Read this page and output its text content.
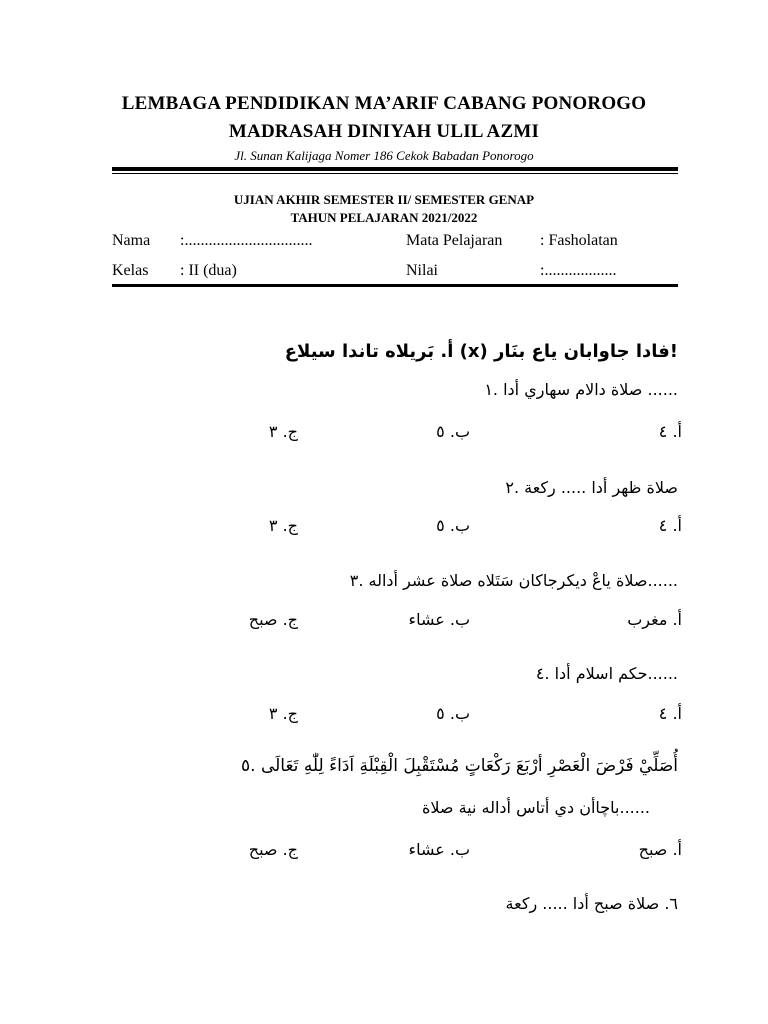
LEMBAGA PENDIDIKAN MA’ARIF CABANG PONOROGO
MADRASAH DINIYAH ULIL AZMI
Jl. Sunan Kalijaga Nomer 186 Cekok Babadan Ponorogo
UJIAN AKHIR SEMESTER II/ SEMESTER GENAP
TAHUN PELAJARAN 2021/2022
Nama :................................	Mata Pelajaran : Fasholatan
Kelas : II (dua)	Nilai	:..................
!فادا جاوابان ياع بنَار (x) أ. بَريلاه تاندا سيلاع
...... صلاة دالام سهاري أدا .١
أ. ٤
ب. ٥
ج. ٣
صلاة ظهر أدا ..... ركعة .٢
أ. ٤
ب. ٥
ج. ٣
......صلاة ياعْ ديكرجاكان سَتَلاه صلاة عشر أداله .٣
أ. مغرب
ب. عشاء
ج. صبح
......حكم اسلام أدا .٤
أ. ٤
ب. ٥
ج. ٣
أُصَلِّيْ فَرْضَ الْعَصْرِ أرْبَعَ رَكْعَاتٍ مُسْتَقْبِلَ الْقِبْلَةِ اَدَاءً لِلّٰهِ تَعَالَى .٥
......باچاأن دي أتاس أداله نية صلاة
أ. صبح
ب. عشاء
ج. صبح
٦. صلاة صبح أدا ..... ركعة
